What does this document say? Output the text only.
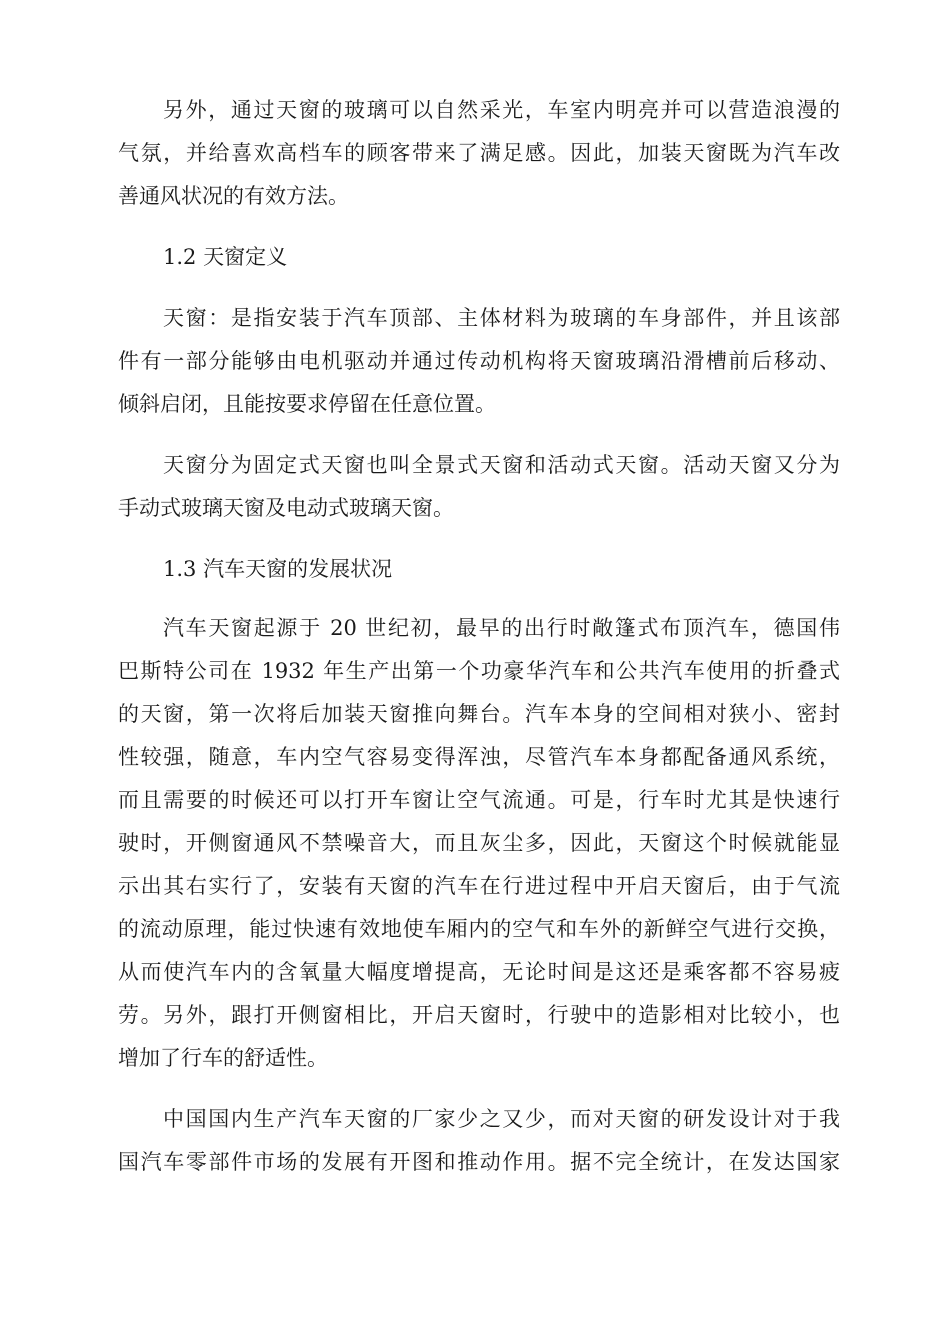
另外，通过天窗的玻璃可以自然采光，车室内明亮并可以营造浪漫的
气氛，并给喜欢高档车的顾客带来了满足感。因此，加装天窗既为汽车改
善通风状况的有效方法。
1.2 天窗定义
天窗：是指安装于汽车顶部、主体材料为玻璃的车身部件，并且该部
件有一部分能够由电机驱动并通过传动机构将天窗玻璃沿滑槽前后移动、
倾斜启闭，且能按要求停留在任意位置。
天窗分为固定式天窗也叫全景式天窗和活动式天窗。活动天窗又分为
手动式玻璃天窗及电动式玻璃天窗。
1.3 汽车天窗的发展状况
汽车天窗起源于 20 世纪初，最早的出行时敞篷式布顶汽车，德国伟
巴斯特公司在 1932 年生产出第一个功豪华汽车和公共汽车使用的折叠式
的天窗，第一次将后加装天窗推向舞台。汽车本身的空间相对狭小、密封
性较强，随意，车内空气容易变得浑浊，尽管汽车本身都配备通风系统，
而且需要的时候还可以打开车窗让空气流通。可是，行车时尤其是快速行
驶时，开侧窗通风不禁噪音大，而且灰尘多，因此，天窗这个时候就能显
示出其右实行了，安装有天窗的汽车在行进过程中开启天窗后，由于气流
的流动原理，能过快速有效地使车厢内的空气和车外的新鲜空气进行交换，
从而使汽车内的含氧量大幅度增提高，无论时间是这还是乘客都不容易疲
劳。另外，跟打开侧窗相比，开启天窗时，行驶中的造影相对比较小，也
增加了行车的舒适性。
中国国内生产汽车天窗的厂家少之又少，而对天窗的研发设计对于我
国汽车零部件市场的发展有开图和推动作用。据不完全统计，在发达国家
